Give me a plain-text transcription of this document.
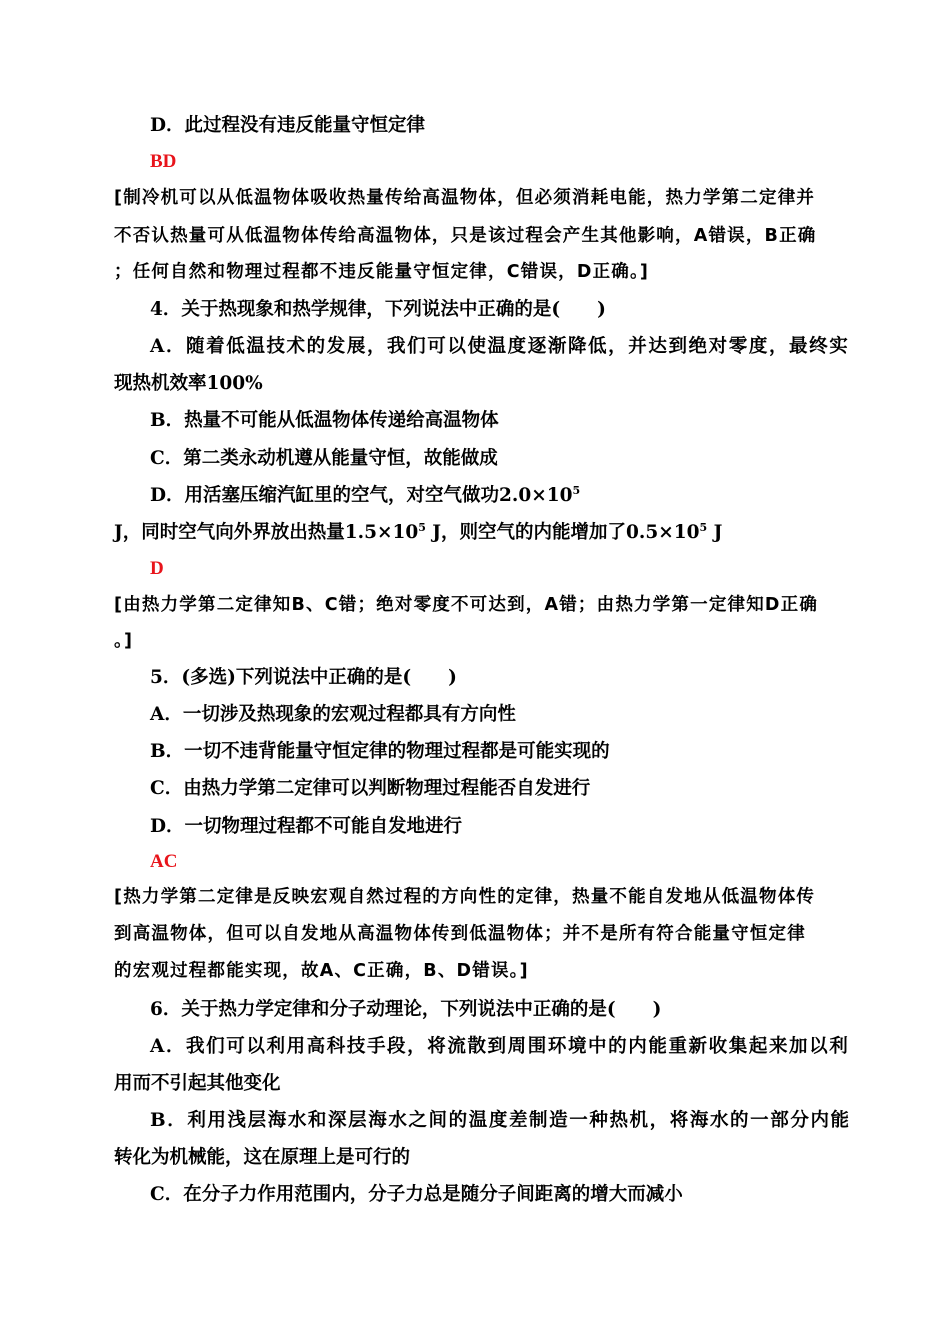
D．此过程没有违反能量守恒定律
BD
[制冷机可以从低温物体吸收热量传给高温物体，但必须消耗电能，热力学第二定律并
不否认热量可从低温物体传给高温物体，只是该过程会产生其他影响，A错误，B正确
；任何自然和物理过程都不违反能量守恒定律，C错误，D正确。]
4．关于热现象和热学规律，下列说法中正确的是(　　)
A．随着低温技术的发展，我们可以使温度逐渐降低，并达到绝对零度，最终实
现热机效率100%
B．热量不可能从低温物体传递给高温物体
C．第二类永动机遵从能量守恒，故能做成
D．用活塞压缩汽缸里的空气，对空气做功$2.0\times 10^5$
J，同时空气向外界放出热量$1.5\times 10^5$ J，则空气的内能增加了$0.5\times 10^5$ J
D
[由热力学第二定律知B、C错；绝对零度不可达到，A错；由热力学第一定律知D正确
。]
5．(多选)下列说法中正确的是(　　)
A．一切涉及热现象的宏观过程都具有方向性
B．一切不违背能量守恒定律的物理过程都是可能实现的
C．由热力学第二定律可以判断物理过程能否自发进行
D．一切物理过程都不可能自发地进行
AC
[热力学第二定律是反映宏观自然过程的方向性的定律，热量不能自发地从低温物体传
到高温物体，但可以自发地从高温物体传到低温物体；并不是所有符合能量守恒定律
的宏观过程都能实现，故A、C正确，B、D错误。]
6．关于热力学定律和分子动理论，下列说法中正确的是(　　)
A．我们可以利用高科技手段，将流散到周围环境中的内能重新收集起来加以利
用而不引起其他变化
B．利用浅层海水和深层海水之间的温度差制造一种热机，将海水的一部分内能
转化为机械能，这在原理上是可行的
C．在分子力作用范围内，分子力总是随分子间距离的增大而减小
